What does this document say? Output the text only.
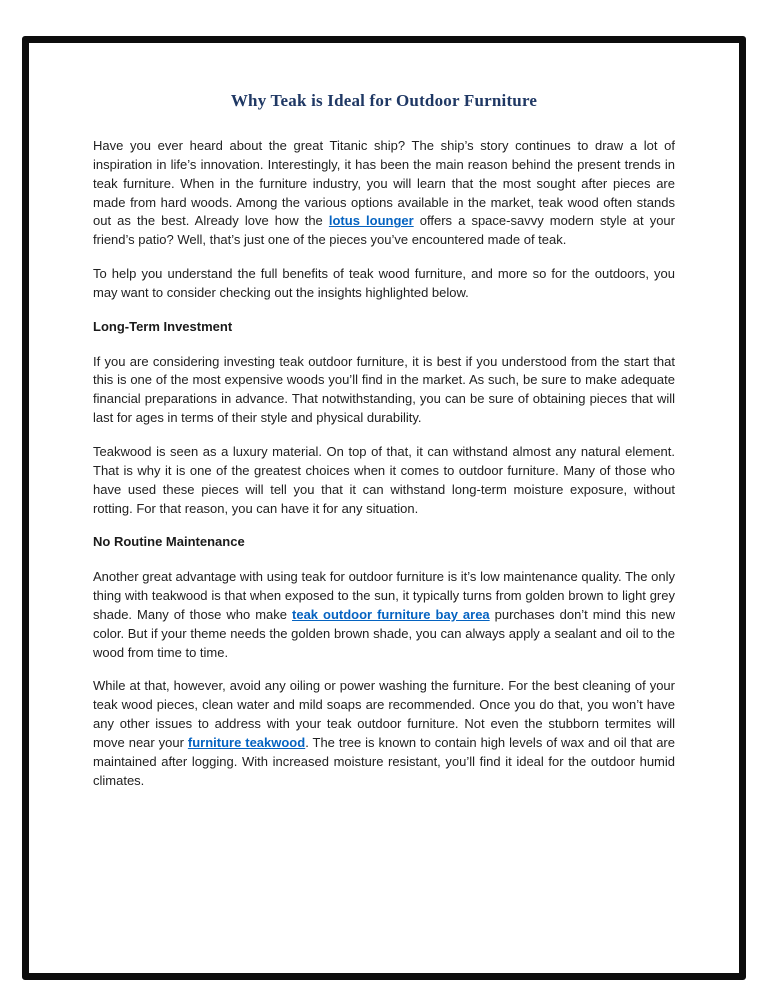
Why Teak is Ideal for Outdoor Furniture

Have you ever heard about the great Titanic ship? The ship’s story continues to draw a lot of inspiration in life’s innovation. Interestingly, it has been the main reason behind the present trends in teak furniture. When in the furniture industry, you will learn that the most sought after pieces are made from hard woods. Among the various options available in the market, teak wood often stands out as the best. Already love how the lotus lounger offers a space-savvy modern style at your friend’s patio? Well, that’s just one of the pieces you’ve encountered made of teak.

To help you understand the full benefits of teak wood furniture, and more so for the outdoors, you may want to consider checking out the insights highlighted below.

Long-Term Investment

If you are considering investing teak outdoor furniture, it is best if you understood from the start that this is one of the most expensive woods you’ll find in the market. As such, be sure to make adequate financial preparations in advance. That notwithstanding, you can be sure of obtaining pieces that will last for ages in terms of their style and physical durability.

Teakwood is seen as a luxury material. On top of that, it can withstand almost any natural element. That is why it is one of the greatest choices when it comes to outdoor furniture. Many of those who have used these pieces will tell you that it can withstand long-term moisture exposure, without rotting. For that reason, you can have it for any situation.

No Routine Maintenance

Another great advantage with using teak for outdoor furniture is it’s low maintenance quality. The only thing with teakwood is that when exposed to the sun, it typically turns from golden brown to light grey shade. Many of those who make teak outdoor furniture bay area purchases don’t mind this new color. But if your theme needs the golden brown shade, you can always apply a sealant and oil to the wood from time to time.

While at that, however, avoid any oiling or power washing the furniture. For the best cleaning of your teak wood pieces, clean water and mild soaps are recommended. Once you do that, you won’t have any other issues to address with your teak outdoor furniture. Not even the stubborn termites will move near your furniture teakwood. The tree is known to contain high levels of wax and oil that are maintained after logging. With increased moisture resistant, you’ll find it ideal for the outdoor humid climates.
